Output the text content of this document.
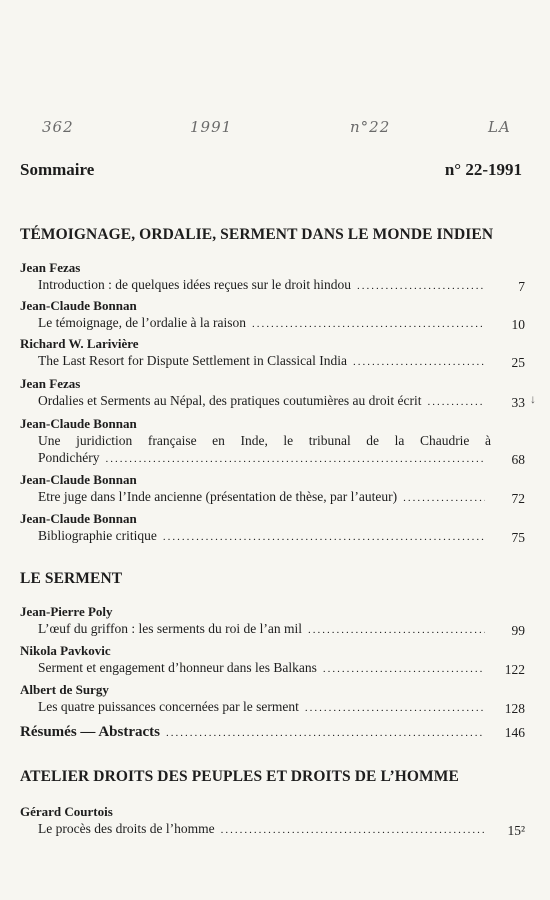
362	1991	n°22	LA
Sommaire	n° 22-1991
TÉMOIGNAGE, ORDALIE, SERMENT DANS LE MONDE INDIEN
Jean Fezas
Introduction : de quelques idées reçues sur le droit hindou .....	7
Jean-Claude Bonnan
Le témoignage, de l’ordalie à la raison .....	10
Richard W. Larivière
The Last Resort for Dispute Settlement in Classical India .....	25
Jean Fezas
Ordalies et Serments au Népal, des pratiques coutumières au droit écrit .....	33
Jean-Claude Bonnan
Une juridiction française en Inde, le tribunal de la Chaudrie à
Pondichéry .....	68
Jean-Claude Bonnan
Etre juge dans l’Inde ancienne (présentation de thèse, par l’auteur) .....	72
Jean-Claude Bonnan
Bibliographie critique .....	75
LE SERMENT
Jean-Pierre Poly
L’œuf du griffon : les serments du roi de l’an mil .....	99
Nikola Pavkovic
Serment et engagement d’honneur dans les Balkans .....	122
Albert de Surgy
Les quatre puissances concernées par le serment .....	128
Résumés — Abstracts .....	146
ATELIER DROITS DES PEUPLES ET DROITS DE L’HOMME
Gérard Courtois
Le procès des droits de l’homme .....	15²
↓
